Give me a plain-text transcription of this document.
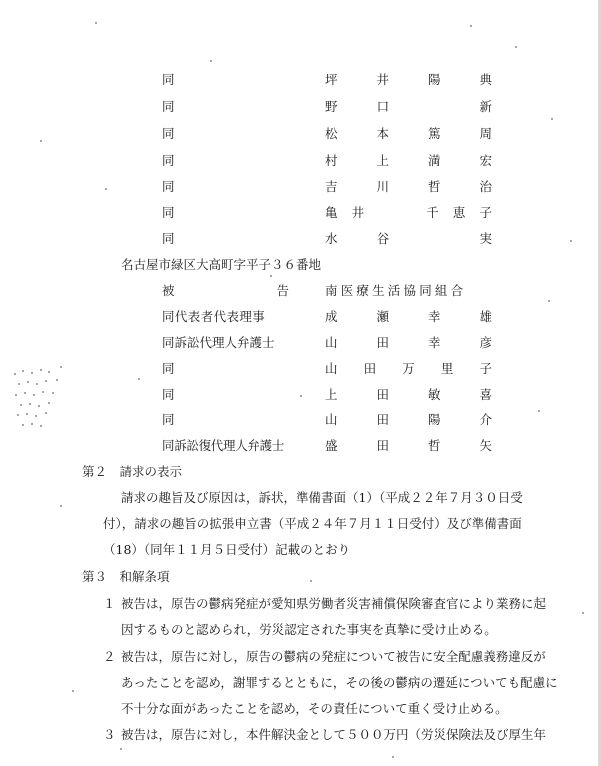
同	坪	井	陽	典
同	野	口	新
同	松	本	篤	周
同	村	上	満	宏
同	吉	川	哲	治
同	亀 井	千 恵 子
同	水	谷	実
名古屋市緑区大高町字平子３６番地
被	告	南医療生活協同組合
同代表者代表理事	成	瀬	幸	雄
同訴訟代理人弁護士	山	田	幸	彦
同	山 田 万 里 子
同	上	田	敏	喜
同	山	田	陽	介
同訴訟復代理人弁護士	盛	田	哲	矢
第２　請求の表示
請求の趣旨及び原因は，訴状，準備書面（1）（平成２２年７月３０日受
付），請求の趣旨の拡張申立書（平成２４年７月１１日受付）及び準備書面
（18）（同年１１月５日受付）記載のとおり
第３　和解条項
１ 被告は，原告の鬱病発症が愛知県労働者災害補償保険審査官により業務に起
因するものと認められ，労災認定された事実を真摯に受け止める。
２ 被告は，原告に対し，原告の鬱病の発症について被告に安全配慮義務違反が
あったことを認め，謝罪するとともに，その後の鬱病の遷延についても配慮に
不十分な面があったことを認め，その責任について重く受け止める。
３ 被告は，原告に対し，本件解決金として５００万円（労災保険法及び厚生年
